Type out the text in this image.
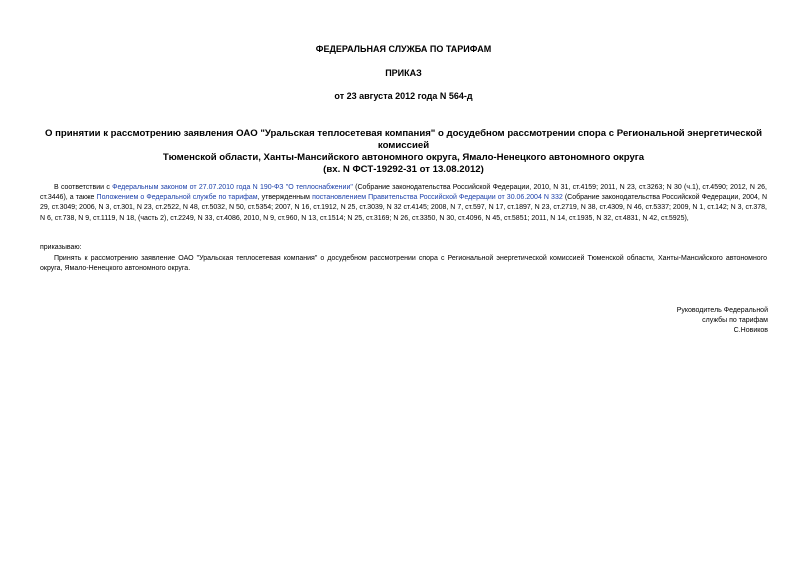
ФЕДЕРАЛЬНАЯ СЛУЖБА ПО ТАРИФАМ
ПРИКАЗ
от 23 августа 2012 года N 564-д
О принятии к рассмотрению заявления ОАО "Уральская теплосетевая компания" о досудебном рассмотрении спора с Региональной энергетической комиссией
Тюменской области, Ханты-Мансийского автономного округа, Ямало-Ненецкого автономного округа
(вх. N ФСТ-19292-31 от 13.08.2012)

В соответствии с Федеральным законом от 27.07.2010 года N 190-ФЗ "О теплоснабжении" (Собрание законодательства Российской Федерации, 2010, N 31, ст.4159; 2011, N 23, ст.3263; N 30 (ч.1), ст.4590; 2012, N 26, ст.3446), а также Положением о Федеральной службе по тарифам, утвержденным постановлением Правительства Российской Федерации от 30.06.2004 N 332 (Собрание законодательства Российской Федерации, 2004, N 29, ст.3049; 2006, N 3, ст.301, N 23, ст.2522, N 48, ст.5032, N 50, ст.5354; 2007, N 16, ст.1912, N 25, ст.3039, N 32 ст.4145; 2008, N 7, ст.597, N 17, ст.1897, N 23, ст.2719, N 38, ст.4309, N 46, ст.5337; 2009, N 1, ст.142; N 3, ст.378, N 6, ст.738, N 9, ст.1119, N 18, (часть 2), ст.2249, N 33, ст.4086, 2010, N 9, ст.960, N 13, ст.1514; N 25, ст.3169; N 26, ст.3350, N 30, ст.4096, N 45, ст.5851; 2011, N 14, ст.1935, N 32, ст.4831, N 42, ст.5925),

приказываю:

Принять к рассмотрению заявление ОАО "Уральская теплосетевая компания" о досудебном рассмотрении спора с Региональной энергетической комиссией Тюменской области, Ханты-Мансийского автономного округа, Ямало-Ненецкого автономного округа.

Руководитель Федеральной
службы по тарифам
С.Новиков
